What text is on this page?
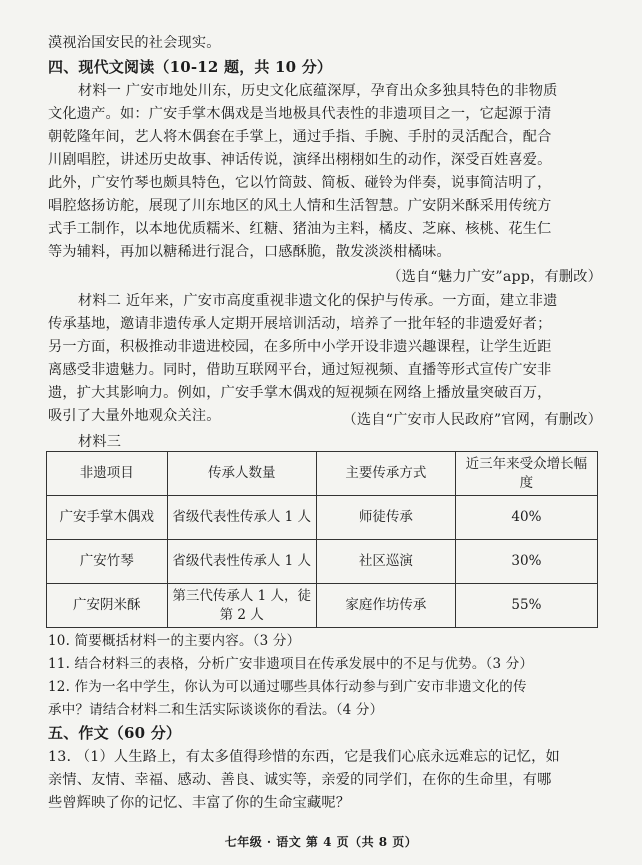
漠视治国安民的社会现实。
四、现代文阅读（10-12 题，共 10 分）
材料一 广安市地处川东，历史文化底蕴深厚，孕育出众多独具特色的非物质
文化遗产。如：广安手掌木偶戏是当地极具代表性的非遗项目之一，它起源于清
朝乾隆年间，艺人将木偶套在手掌上，通过手指、手腕、手肘的灵活配合，配合
川剧唱腔，讲述历史故事、神话传说，演绎出栩栩如生的动作，深受百姓喜爱。
此外，广安竹琴也颇具特色，它以竹筒鼓、简板、碰铃为伴奏，说事简洁明了，
唱腔悠扬访舵，展现了川东地区的风土人情和生活智慧。广安阴米酥采用传统方
式手工制作，以本地优质糯米、红糖、猪油为主料，橘皮、芝麻、核桃、花生仁
等为辅料，再加以糖稀进行混合，口感酥脆，散发淡淡柑橘味。
（选自“魅力广安”app，有删改）
材料二 近年来，广安市高度重视非遗文化的保护与传承。一方面，建立非遗
传承基地，邀请非遗传承人定期开展培训活动，培养了一批年轻的非遗爱好者；
另一方面，积极推动非遗进校园，在多所中小学开设非遗兴趣课程，让学生近距
离感受非遗魅力。同时，借助互联网平台，通过短视频、直播等形式宣传广安非
遗，扩大其影响力。例如，广安手掌木偶戏的短视频在网络上播放量突破百万，
吸引了大量外地观众关注。	（选自“广安市人民政府”官网，有删改）
材料三
非遗项目	传承人数量	主要传承方式	近三年来受众增长幅度
广安手掌木偶戏	省级代表性传承人 1 人	师徒传承	40%
广安竹琴	省级代表性传承人 1 人	社区巡演	30%
广安阴米酥	第三代传承人 1 人，徒第 2 人	家庭作坊传承	55%
10. 简要概括材料一的主要内容。（3 分）
11. 结合材料三的表格，分析广安非遗项目在传承发展中的不足与优势。（3 分）
12. 作为一名中学生，你认为可以通过哪些具体行动参与到广安市非遗文化的传
承中？请结合材料二和生活实际谈谈你的看法。（4 分）
五、作文（60 分）
13. （1）人生路上，有太多值得珍惜的东西，它是我们心底永远难忘的记忆，如
亲情、友情、幸福、感动、善良、诚实等，亲爱的同学们，在你的生命里，有哪
些曾辉映了你的记忆、丰富了你的生命宝藏呢？
七年级 · 语文 第 4 页（共 8 页）
